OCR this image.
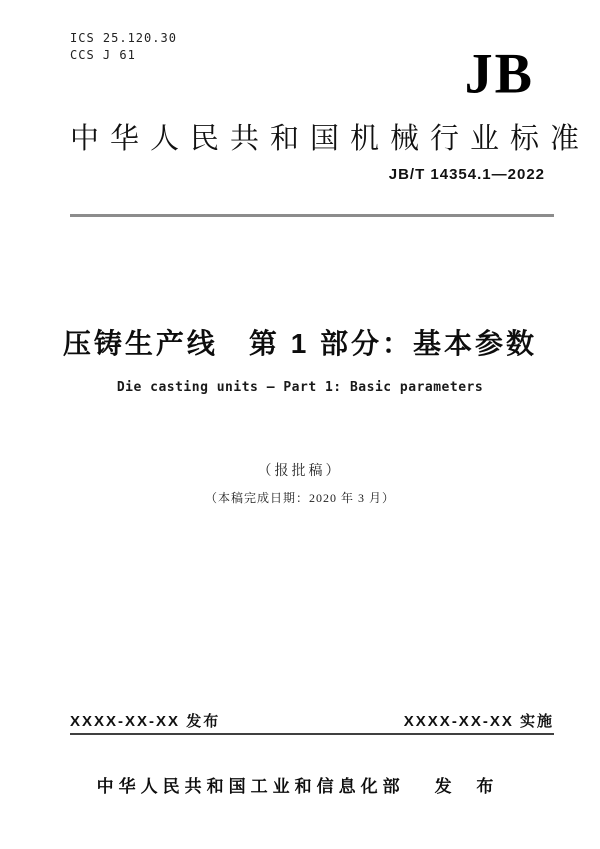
ICS 25.120.30
CCS J 61	JB
中华人民共和国机械行业标准
JB/T 14354.1—2022
压铸生产线　第 1 部分：基本参数
Die casting units — Part 1: Basic parameters
（报批稿）
（本稿完成日期：2020 年 3 月）
XXXX-XX-XX 发布	XXXX-XX-XX 实施
中华人民共和国工业和信息化部 发 布
